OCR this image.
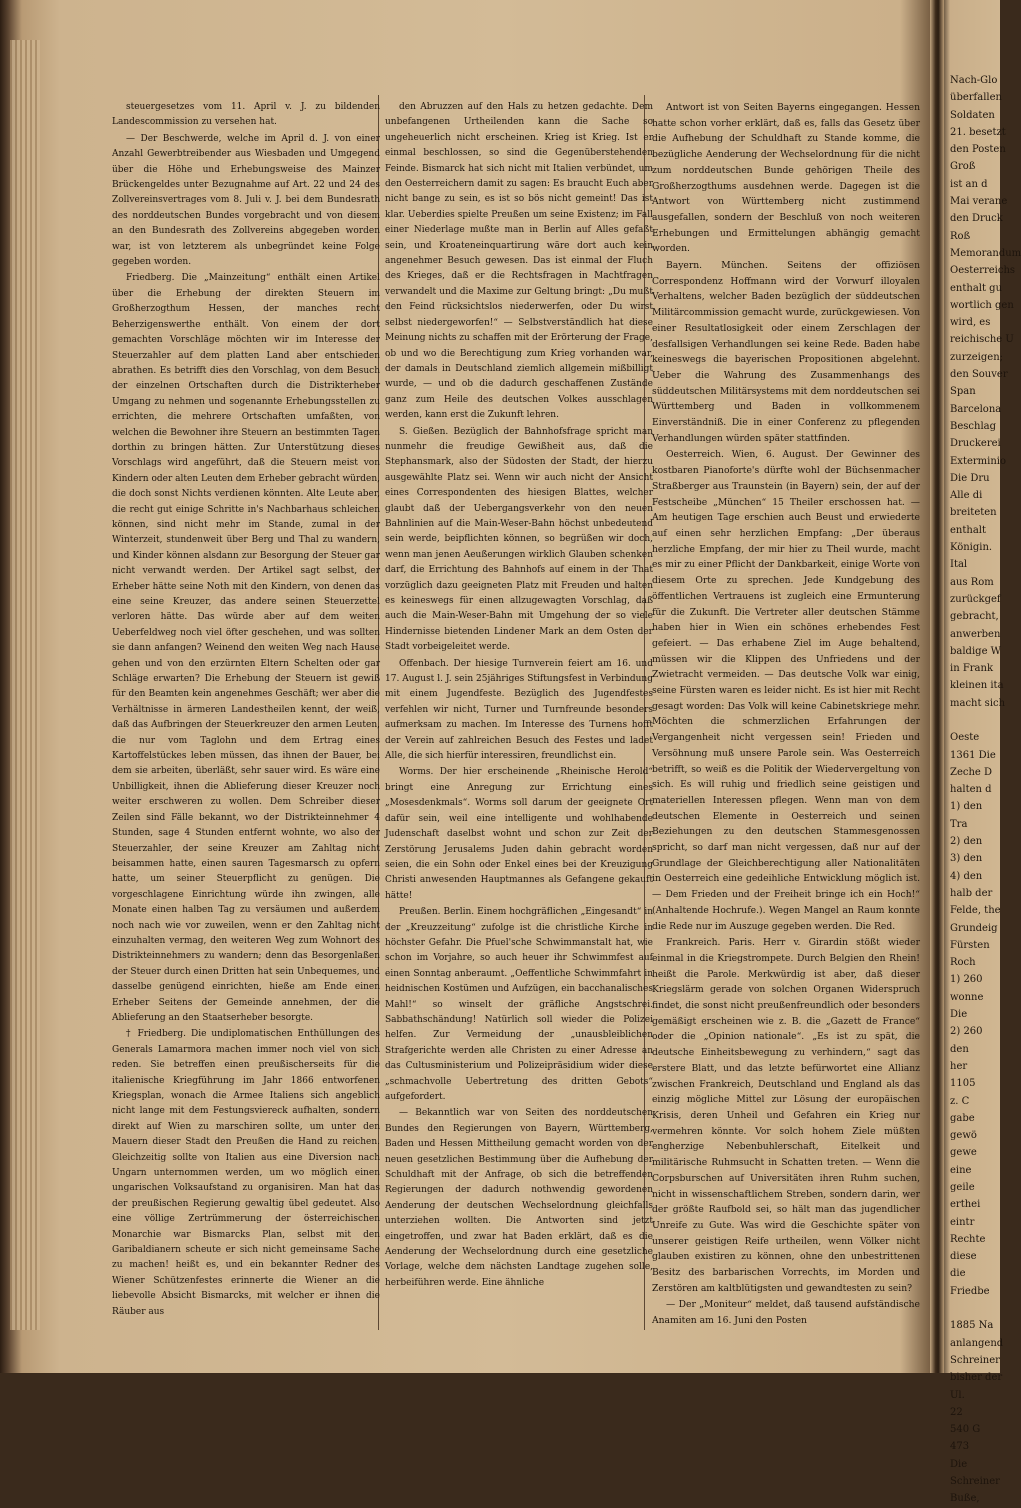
steuergesetzes vom 11. April v. J. zu bildenden Landescommission zu versehen hat.

— Der Beschwerde, welche im April d. J. von einer Anzahl Gewerbtreibender aus Wiesbaden und Umgegend über die Höhe und Erhebungsweise des Mainzer Brückengeldes unter Bezugnahme auf Art. 22 und 24 des Zollvereinsvertrages vom 8. Juli v. J. bei dem Bundesrath des norddeutschen Bundes vorgebracht und von diesem an den Bundesrath des Zollvereins abgegeben worden war, ist von letzterem als unbegründet keine Folge gegeben worden.

Friedberg. Die „Mainzeitung“ enthält einen Artikel über die Erhebung der direkten Steuern im Großherzogthum Hessen, der manches recht Beherzigenswerthe enthält. Von einem der dort gemachten Vorschläge möchten wir im Interesse der Steuerzahler auf dem platten Land aber entschieden abrathen. Es betrifft dies den Vorschlag, von dem Besuch der einzelnen Ortschaften durch die Distrikterheber Umgang zu nehmen und sogenannte Erhebungsstellen zu errichten, die mehrere Ortschaften umfaßten, von welchen die Bewohner ihre Steuern an bestimmten Tagen dorthin zu bringen hätten. Zur Unterstützung dieses Vorschlags wird angeführt, daß die Steuern meist von Kindern oder alten Leuten dem Erheber gebracht würden, die doch sonst Nichts verdienen könnten. Alte Leute aber, die recht gut einige Schritte in's Nachbarhaus schleichen können, sind nicht mehr im Stande, zumal in der Winterzeit, stundenweit über Berg und Thal zu wandern, und Kinder können alsdann zur Besorgung der Steuer gar nicht verwandt werden. Der Artikel sagt selbst, der Erheber hätte seine Noth mit den Kindern, von denen das eine seine Kreuzer, das andere seinen Steuerzettel verloren hätte. Das würde aber auf dem weiten Ueberfeldweg noch viel öfter geschehen, und was sollten sie dann anfangen? Weinend den weiten Weg nach Hause gehen und von den erzürnten Eltern Schelten oder gar Schläge erwarten? Die Erhebung der Steuern ist gewiß für den Beamten kein angenehmes Geschäft; wer aber die Verhältnisse in ärmeren Landestheilen kennt, der weiß, daß das Aufbringen der Steuerkreuzer den armen Leuten, die nur vom Taglohn und dem Ertrag eines Kartoffelstückes leben müssen, das ihnen der Bauer, bei dem sie arbeiten, überläßt, sehr sauer wird. Es wäre eine Unbilligkeit, ihnen die Ablieferung dieser Kreuzer noch weiter erschweren zu wollen. Dem Schreiber dieser Zeilen sind Fälle bekannt, wo der Distrikteinnehmer 4 Stunden, sage 4 Stunden entfernt wohnte, wo also der Steuerzahler, der seine Kreuzer am Zahltag nicht beisammen hatte, einen sauren Tagesmarsch zu opfern hatte, um seiner Steuerpflicht zu genügen. Die vorgeschlagene Einrichtung würde ihn zwingen, alle Monate einen halben Tag zu versäumen und außerdem noch nach wie vor zuweilen, wenn er den Zahltag nicht einzuhalten vermag, den weiteren Weg zum Wohnort des Distrikteinnehmers zu wandern; denn das Besorgenlaßen der Steuer durch einen Dritten hat sein Unbequemes, und dasselbe genügend einrichten, hieße am Ende einen Erheber Seitens der Gemeinde annehmen, der die Ablieferung an den Staatserheber besorgte.

† Friedberg. Die undiplomatischen Enthüllungen des Generals Lamarmora machen immer noch viel von sich reden. Sie betreffen einen preußischerseits für die italienische Kriegführung im Jahr 1866 entworfenen Kriegsplan, wonach die Armee Italiens sich angeblich nicht lange mit dem Festungsviereck aufhalten, sondern direkt auf Wien zu marschiren sollte, um unter den Mauern dieser Stadt den Preußen die Hand zu reichen. Gleichzeitig sollte von Italien aus eine Diversion nach Ungarn unternommen werden, um wo möglich einen ungarischen Volksaufstand zu organisiren. Man hat das der preußischen Regierung gewaltig übel gedeutet. Also eine völlige Zertrümmerung der österreichischen Monarchie war Bismarcks Plan, selbst mit den Garibaldianern scheute er sich nicht gemeinsame Sache zu machen! heißt es, und ein bekannter Redner des Wiener Schützenfestes erinnerte die Wiener an die liebevolle Absicht Bismarcks, mit welcher er ihnen die Räuber aus

den Abruzzen auf den Hals zu hetzen gedachte. Dem unbefangenen Urtheilenden kann die Sache so ungeheuerlich nicht erscheinen. Krieg ist Krieg. Ist er einmal beschlossen, so sind die Gegenüberstehenden Feinde. Bismarck hat sich nicht mit Italien verbündet, um den Oesterreichern damit zu sagen: Es braucht Euch aber nicht bange zu sein, es ist so bös nicht gemeint! Das ist klar. Ueberdies spielte Preußen um seine Existenz; im Fall einer Niederlage mußte man in Berlin auf Alles gefaßt sein, und Kroateneinquartirung wäre dort auch kein angenehmer Besuch gewesen. Das ist einmal der Fluch des Krieges, daß er die Rechtsfragen in Machtfragen verwandelt und die Maxime zur Geltung bringt: „Du mußt den Feind rücksichtslos niederwerfen, oder Du wirst selbst niedergeworfen!“ — Selbstverständlich hat diese Meinung nichts zu schaffen mit der Erörterung der Frage, ob und wo die Berechtigung zum Krieg vorhanden war, der damals in Deutschland ziemlich allgemein mißbilligt wurde, — und ob die dadurch geschaffenen Zustände ganz zum Heile des deutschen Volkes ausschlagen werden, kann erst die Zukunft lehren.

S. Gießen. Bezüglich der Bahnhofsfrage spricht man nunmehr die freudige Gewißheit aus, daß die Stephansmark, also der Südosten der Stadt, der hierzu ausgewählte Platz sei. Wenn wir auch nicht der Ansicht eines Correspondenten des hiesigen Blattes, welcher glaubt daß der Uebergangsverkehr von den neuen Bahnlinien auf die Main-Weser-Bahn höchst unbedeutend sein werde, beipflichten können, so begrüßen wir doch, wenn man jenen Aeußerungen wirklich Glauben schenken darf, die Errichtung des Bahnhofs auf einem in der That vorzüglich dazu geeigneten Platz mit Freuden und halten es keineswegs für einen allzugewagten Vorschlag, daß auch die Main-Weser-Bahn mit Umgehung der so viele Hindernisse bietenden Lindener Mark an dem Osten der Stadt vorbeigeleitet werde.

Offenbach. Der hiesige Turnverein feiert am 16. und 17. August l. J. sein 25jähriges Stiftungsfest in Verbindung mit einem Jugendfeste. Bezüglich des Jugendfestes verfehlen wir nicht, Turner und Turnfreunde besonders aufmerksam zu machen. Im Interesse des Turnens hofft der Verein auf zahlreichen Besuch des Festes und ladet Alle, die sich hierfür interessiren, freundlichst ein.

Worms. Der hier erscheinende „Rheinische Herold“ bringt eine Anregung zur Errichtung eines „Mosesdenkmals“. Worms soll darum der geeignete Ort dafür sein, weil eine intelligente und wohlhabende Judenschaft daselbst wohnt und schon zur Zeit der Zerstörung Jerusalems Juden dahin gebracht worden seien, die ein Sohn oder Enkel eines bei der Kreuzigung Christi anwesenden Hauptmannes als Gefangene gekauft hätte!

Preußen. Berlin. Einem hochgräflichen „Eingesandt“ in der „Kreuzzeitung“ zufolge ist die christliche Kirche in höchster Gefahr. Die Pfuel'sche Schwimmanstalt hat, wie schon im Vorjahre, so auch heuer ihr Schwimmfest auf einen Sonntag anberaumt. „Oeffentliche Schwimmfahrt in heidnischen Kostümen und Aufzügen, ein bacchanalisches Mahl!“ so winselt der gräfliche Angstschrei. Sabbathschändung! Natürlich soll wieder die Polizei helfen. Zur Vermeidung der „unausbleiblichen Strafgerichte werden alle Christen zu einer Adresse an das Cultusministerium und Polizeipräsidium wider diese „schmachvolle Uebertretung des dritten Gebots“ aufgefordert.

— Bekanntlich war von Seiten des norddeutschen Bundes den Regierungen von Bayern, Württemberg, Baden und Hessen Mittheilung gemacht worden von der neuen gesetzlichen Bestimmung über die Aufhebung der Schuldhaft mit der Anfrage, ob sich die betreffenden Regierungen der dadurch nothwendig gewordenen Aenderung der deutschen Wechselordnung gleichfalls unterziehen wollten. Die Antworten sind jetzt eingetroffen, und zwar hat Baden erklärt, daß es die Aenderung der Wechselordnung durch eine gesetzliche Vorlage, welche dem nächsten Landtage zugehen solle, herbeiführen werde. Eine ähnliche

Antwort ist von Seiten Bayerns eingegangen. Hessen hatte schon vorher erklärt, daß es, falls das Gesetz über die Aufhebung der Schuldhaft zu Stande komme, die bezügliche Aenderung der Wechselordnung für die nicht zum norddeutschen Bunde gehörigen Theile des Großherzogthums ausdehnen werde. Dagegen ist die Antwort von Württemberg nicht zustimmend ausgefallen, sondern der Beschluß von noch weiteren Erhebungen und Ermittelungen abhängig gemacht worden.

Bayern. München. Seitens der offiziösen Correspondenz Hoffmann wird der Vorwurf illoyalen Verhaltens, welcher Baden bezüglich der süddeutschen Militärcommission gemacht wurde, zurückgewiesen. Von einer Resultatlosigkeit oder einem Zerschlagen der desfallsigen Verhandlungen sei keine Rede. Baden habe keineswegs die bayerischen Propositionen abgelehnt. Ueber die Wahrung des Zusammenhangs des süddeutschen Militärsystems mit dem norddeutschen sei Württemberg und Baden in vollkommenem Einverständniß. Die in einer Conferenz zu pflegenden Verhandlungen würden später stattfinden.

Oesterreich. Wien, 6. August. Der Gewinner des kostbaren Pianoforte's dürfte wohl der Büchsenmacher Straßberger aus Traunstein (in Bayern) sein, der auf der Festscheibe „München“ 15 Theiler erschossen hat. — Am heutigen Tage erschien auch Beust und erwiederte auf einen sehr herzlichen Empfang: „Der überaus herzliche Empfang, der mir hier zu Theil wurde, macht es mir zu einer Pflicht der Dankbarkeit, einige Worte von diesem Orte zu sprechen. Jede Kundgebung des öffentlichen Vertrauens ist zugleich eine Ermunterung für die Zukunft. Die Vertreter aller deutschen Stämme haben hier in Wien ein schönes erhebendes Fest gefeiert. — Das erhabene Ziel im Auge behaltend, müssen wir die Klippen des Unfriedens und der Zwietracht vermeiden. — Das deutsche Volk war einig, seine Fürsten waren es leider nicht. Es ist hier mit Recht gesagt worden: Das Volk will keine Cabinetskriege mehr. Möchten die schmerzlichen Erfahrungen der Vergangenheit nicht vergessen sein! Frieden und Versöhnung muß unsere Parole sein. Was Oesterreich betrifft, so weiß es die Politik der Wiedervergeltung von sich. Es will ruhig und friedlich seine geistigen und materiellen Interessen pflegen. Wenn man von dem deutschen Elemente in Oesterreich und seinen Beziehungen zu den deutschen Stammesgenossen spricht, so darf man nicht vergessen, daß nur auf der Grundlage der Gleichberechtigung aller Nationalitäten in Oesterreich eine gedeihliche Entwicklung möglich ist. — Dem Frieden und der Freiheit bringe ich ein Hoch!“ (Anhaltende Hochrufe.). Wegen Mangel an Raum konnte die Rede nur im Auszuge gegeben werden. Die Red.

Frankreich. Paris. Herr v. Girardin stößt wieder einmal in die Kriegstrompete. Durch Belgien den Rhein! heißt die Parole. Merkwürdig ist aber, daß dieser Kriegslärm gerade von solchen Organen Widerspruch findet, die sonst nicht preußenfreundlich oder besonders gemäßigt erscheinen wie z. B. die „Gazett de France“ oder die „Opinion nationale“. „Es ist zu spät, die deutsche Einheitsbewegung zu verhindern,“ sagt das erstere Blatt, und das letzte befürwortet eine Allianz zwischen Frankreich, Deutschland und England als das einzig mögliche Mittel zur Lösung der europäischen Krisis, deren Unheil und Gefahren ein Krieg nur vermehren könnte. Vor solch hohem Ziele müßten engherzige Nebenbuhlerschaft, Eitelkeit und militärische Ruhmsucht in Schatten treten. — Wenn die Corpsburschen auf Universitäten ihren Ruhm suchen, nicht in wissenschaftlichem Streben, sondern darin, wer der größte Raufbold sei, so hält man das jugendlicher Unreife zu Gute. Was wird die Geschichte später von unserer geistigen Reife urtheilen, wenn Völker nicht glauben existiren zu können, ohne den unbestrittenen Besitz des barbarischen Vorrechts, im Morden und Zerstören am kaltblütigsten und gewandtesten zu sein?

— Der „Moniteur“ meldet, daß tausend aufständische Anamiten am 16. Juni den Posten

Nach-Glo
überfallen
Soldaten
21. besetzt
den Posten
Groß
ist an d
Mai verane
den Druck
Roß
Memorandum
Oesterreichs
enthalt gu
wortlich gen
wird, es
reichische U
zurzeigen;
den Souver
Span
Barcelona
Beschlag
Druckerei
Exterminio
Die Dru
Alle di
breiteten
enthalt
Königin.
Ital
aus Rom
zurückgef
gebracht,
anwerben
baldige W
in Frank
kleinen ita
macht sich
Oeste
1361 Die
Zeche D
halten d
1) den
Tra
2) den
3) den
4) den
halb der
Felde, the
Grundeig
Fürsten
Roch
1) 260
wonne
Die
2) 260
den
her
1105
z. C
gabe
gewö
gewe
eine
geile
erthei
eintr
Rechte
diese
die
Friedbe
1885 Na
anlangend
Schreiner
bisher der
Ul.
22
540 G
473
Die
Schreiner
Buße,
